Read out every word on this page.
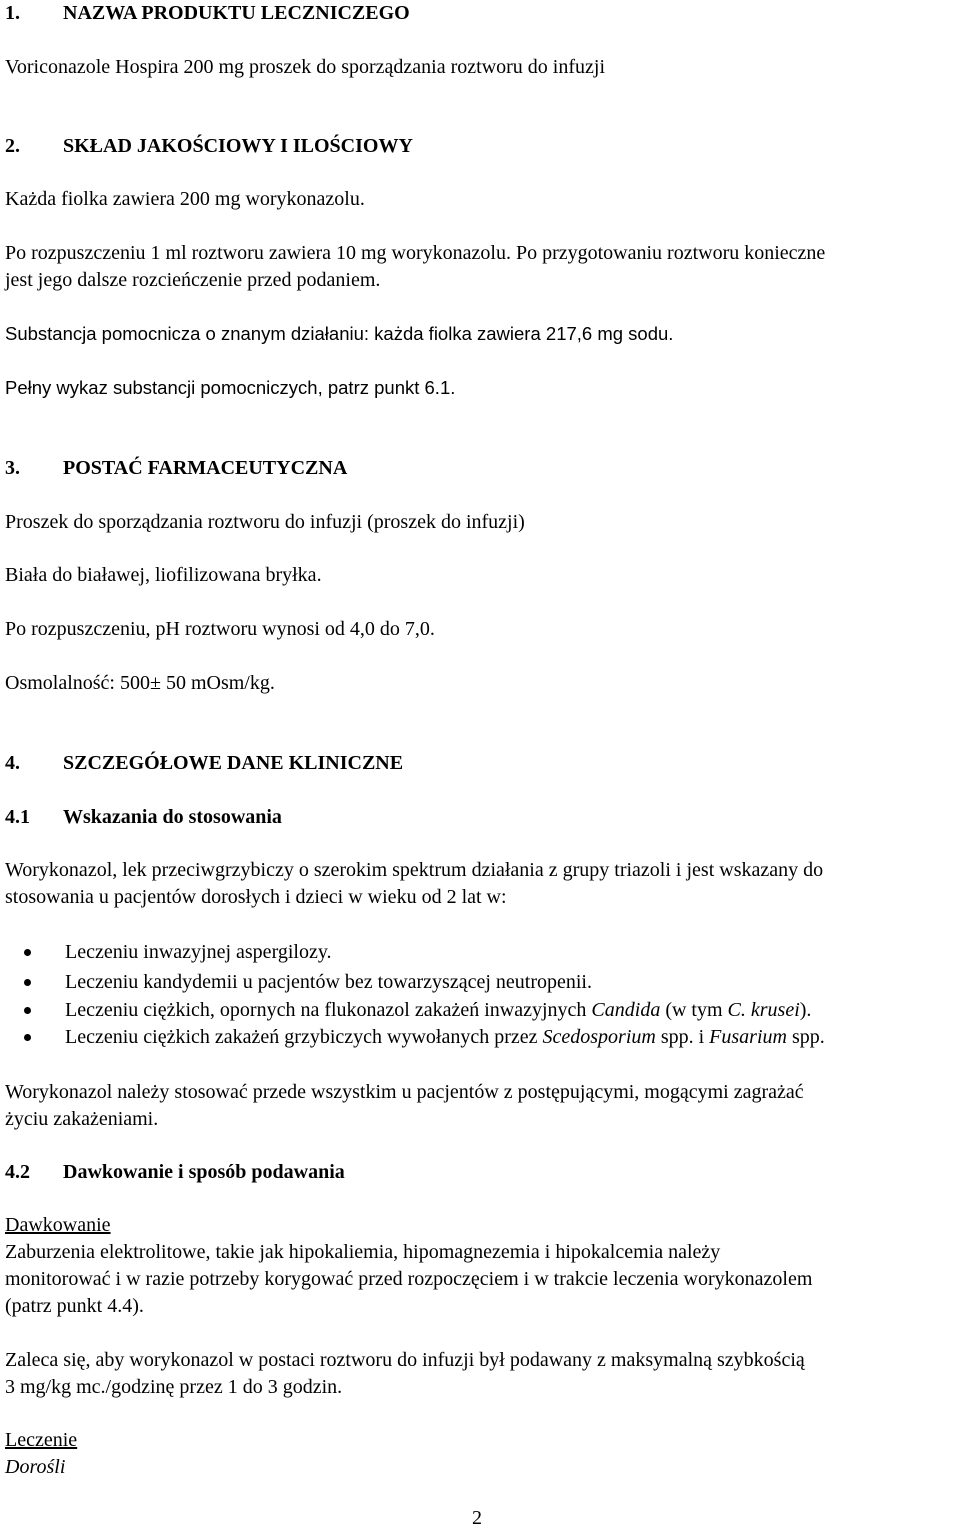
1. NAZWA PRODUKTU LECZNICZEGO
Voriconazole Hospira 200 mg proszek do sporządzania roztworu do infuzji
2. SKŁAD JAKOŚCIOWY I ILOŚCIOWY
Każda fiolka zawiera 200 mg worykonazolu.
Po rozpuszczeniu 1 ml roztworu zawiera 10 mg worykonazolu. Po przygotowaniu roztworu konieczne
jest jego dalsze rozcieńczenie przed podaniem.
Substancja pomocnicza o znanym działaniu: każda fiolka zawiera 217,6 mg sodu.
Pełny wykaz substancji pomocniczych, patrz punkt 6.1.
3. POSTAĆ FARMACEUTYCZNA
Proszek do sporządzania roztworu do infuzji (proszek do infuzji)
Biała do białawej, liofilizowana bryłka.
Po rozpuszczeniu, pH roztworu wynosi od 4,0 do 7,0.
Osmolalność: 500± 50 mOsm/kg.
4. SZCZEGÓŁOWE DANE KLINICZNE
4.1 Wskazania do stosowania
Worykonazol, lek przeciwgrzybiczy o szerokim spektrum działania z grupy triazoli i jest wskazany do
stosowania u pacjentów dorosłych i dzieci w wieku od 2 lat w:
Leczeniu inwazyjnej aspergilozy.
Leczeniu kandydemii u pacjentów bez towarzyszącej neutropenii.
Leczeniu ciężkich, opornych na flukonazol zakażeń inwazyjnych Candida (w tym C. krusei).
Leczeniu ciężkich zakażeń grzybiczych wywołanych przez Scedosporium spp. i Fusarium spp.
Worykonazol należy stosować przede wszystkim u pacjentów z postępującymi, mogącymi zagrażać
życiu zakażeniami.
4.2 Dawkowanie i sposób podawania
Dawkowanie
Zaburzenia elektrolitowe, takie jak hipokaliemia, hipomagnezemia i hipokalcemia należy
monitorować i w razie potrzeby korygować przed rozpoczęciem i w trakcie leczenia worykonazolem
(patrz punkt 4.4).
Zaleca się, aby worykonazol w postaci roztworu do infuzji był podawany z maksymalną szybkością
3 mg/kg mc./godzinę przez 1 do 3 godzin.
Leczenie
Dorośli
2
